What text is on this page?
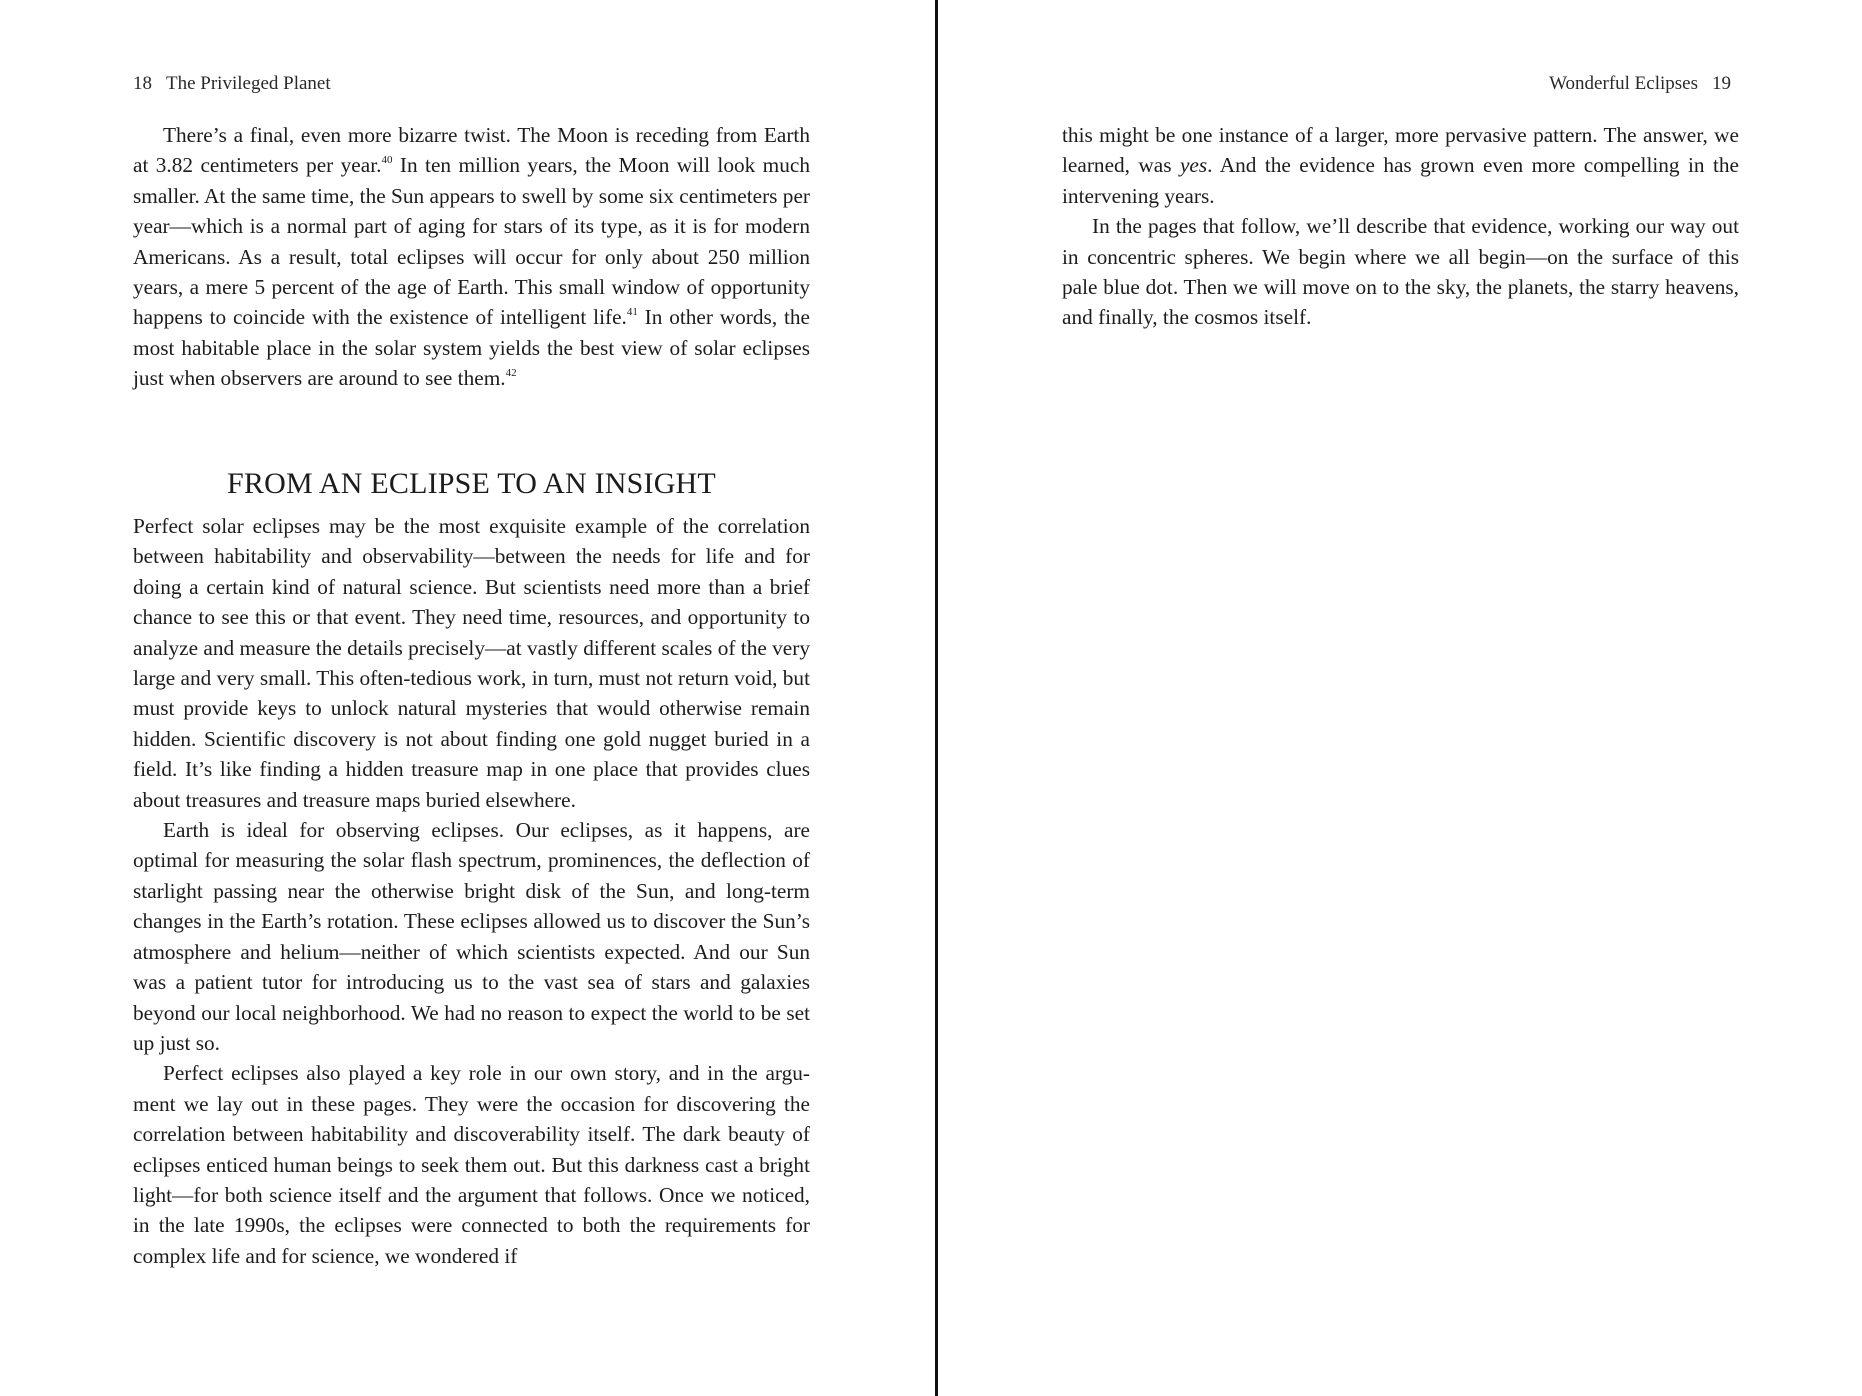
18 The Privileged Planet

There’s a final, even more bizarre twist. The Moon is receding from Earth at 3.82 centimeters per year.$^{40}$ In ten million years, the Moon will look much smaller. At the same time, the Sun appears to swell by some six centimeters per year—which is a normal part of aging for stars of its type, as it is for modern Americans. As a result, total eclipses will occur for only about 250 million years, a mere 5 percent of the age of Earth. This small window of opportunity happens to coincide with the existence of intelligent life.$^{41}$ In other words, the most habitable place in the solar system yields the best view of solar eclipses just when observers are around to see them.$^{42}$

FROM AN ECLIPSE TO AN INSIGHT

Perfect solar eclipses may be the most exquisite example of the correlation between habitability and observability—between the needs for life and for doing a certain kind of natural science. But scientists need more than a brief chance to see this or that event. They need time, resources, and opportunity to analyze and measure the details precisely—at vastly different scales of the very large and very small. This often-tedious work, in turn, must not return void, but must provide keys to unlock natural mysteries that would otherwise remain hidden. Scientific discovery is not about finding one gold nugget buried in a field. It’s like finding a hidden treasure map in one place that provides clues about treasures and treasure maps buried elsewhere.

Earth is ideal for observing eclipses. Our eclipses, as it happens, are optimal for measuring the solar flash spectrum, prominences, the deflection of starlight passing near the otherwise bright disk of the Sun, and long-term changes in the Earth’s rotation. These eclipses allowed us to discover the Sun’s atmosphere and helium—neither of which scientists expected. And our Sun was a patient tutor for introducing us to the vast sea of stars and galaxies beyond our local neighborhood. We had no reason to expect the world to be set up just so.

Perfect eclipses also played a key role in our own story, and in the argument we lay out in these pages. They were the occasion for discovering the correlation between habitability and discoverability itself. The dark beauty of eclipses enticed human beings to seek them out. But this darkness cast a bright light—for both science itself and the argument that follows. Once we noticed, in the late 1990s, the eclipses were connected to both the requirements for complex life and for science, we wondered if

Wonderful Eclipses 19

this might be one instance of a larger, more pervasive pattern. The answer, we learned, was yes. And the evidence has grown even more compelling in the intervening years.

In the pages that follow, we’ll describe that evidence, working our way out in concentric spheres. We begin where we all begin—on the surface of this pale blue dot. Then we will move on to the sky, the planets, the starry heavens, and finally, the cosmos itself.
